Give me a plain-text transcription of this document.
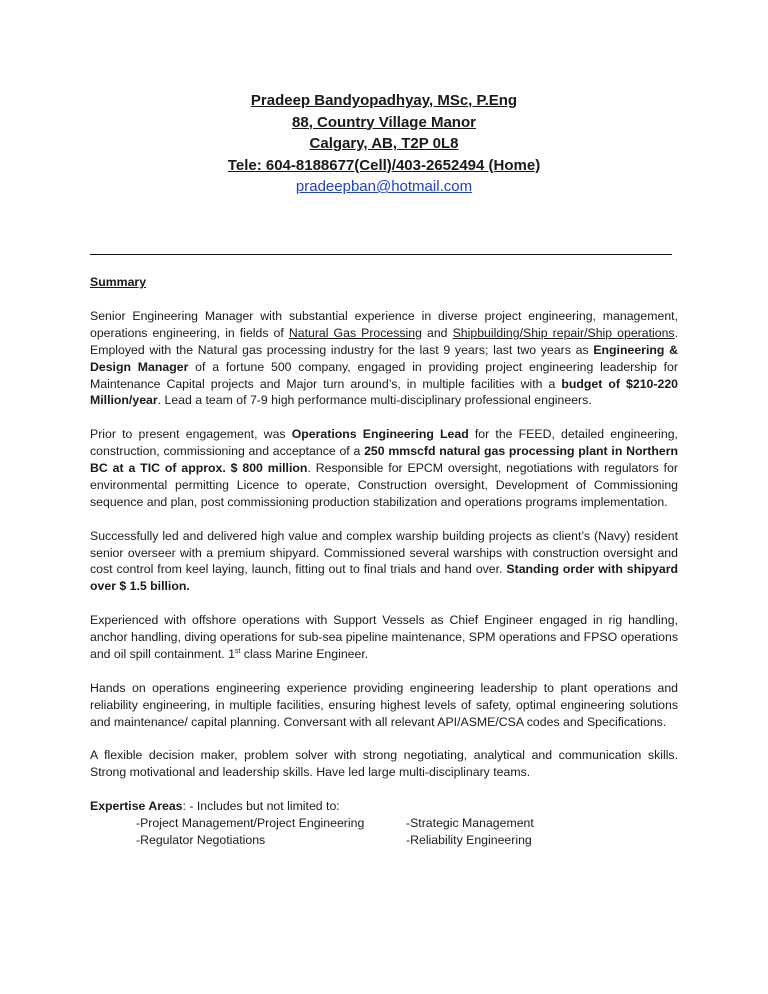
Pradeep Bandyopadhyay, MSc, P.Eng
88, Country Village Manor
Calgary, AB, T2P 0L8
Tele: 604-8188677(Cell)/403-2652494 (Home)
pradeepban@hotmail.com
Summary

Senior Engineering Manager with substantial experience in diverse project engineering, management, operations engineering, in fields of Natural Gas Processing and Shipbuilding/Ship repair/Ship operations. Employed with the Natural gas processing industry for the last 9 years; last two years as Engineering & Design Manager of a fortune 500 company, engaged in providing project engineering leadership for Maintenance Capital projects and Major turn around’s, in multiple facilities with a budget of $210-220 Million/year. Lead a team of 7-9 high performance multi-disciplinary professional engineers.

Prior to present engagement, was Operations Engineering Lead for the FEED, detailed engineering, construction, commissioning and acceptance of a 250 mmscfd natural gas processing plant in Northern BC at a TIC of approx. $ 800 million. Responsible for EPCM oversight, negotiations with regulators for environmental permitting Licence to operate, Construction oversight, Development of Commissioning sequence and plan, post commissioning production stabilization and operations programs implementation.

Successfully led and delivered high value and complex warship building projects as client’s (Navy) resident senior overseer with a premium shipyard. Commissioned several warships with construction oversight and cost control from keel laying, launch, fitting out to final trials and hand over. Standing order with shipyard over $ 1.5 billion.

Experienced with offshore operations with Support Vessels as Chief Engineer engaged in rig handling, anchor handling, diving operations for sub-sea pipeline maintenance, SPM operations and FPSO operations and oil spill containment. 1st class Marine Engineer.

Hands on operations engineering experience providing engineering leadership to plant operations and reliability engineering, in multiple facilities, ensuring highest levels of safety, optimal engineering solutions and maintenance/ capital planning. Conversant with all relevant API/ASME/CSA codes and Specifications.

A flexible decision maker, problem solver with strong negotiating, analytical and communication skills. Strong motivational and leadership skills. Have led large multi-disciplinary teams.

Expertise Areas: - Includes but not limited to:
-Project Management/Project Engineering	-Strategic Management
-Regulator Negotiations	-Reliability Engineering
